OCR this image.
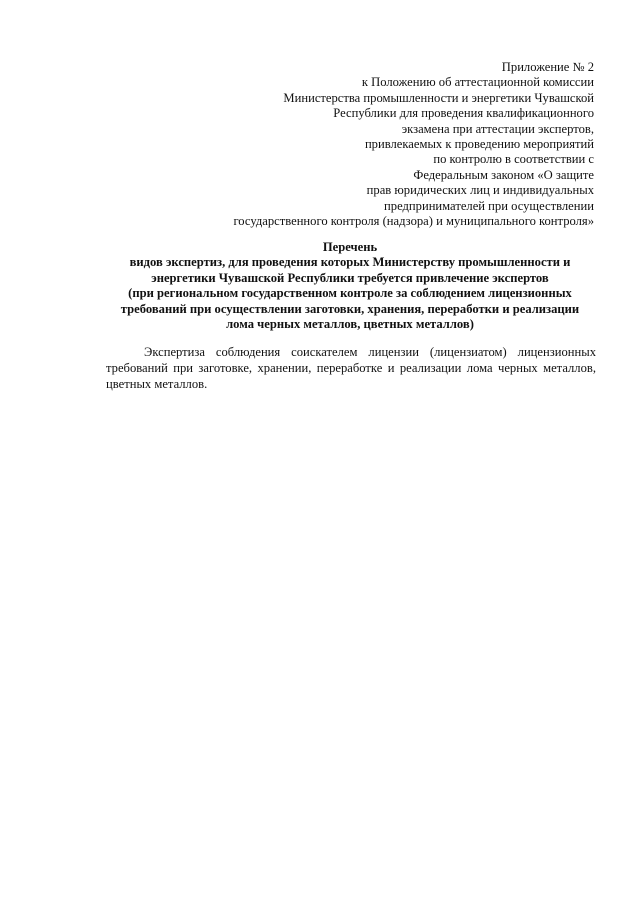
Приложение № 2
к Положению об аттестационной комиссии
Министерства промышленности и энергетики Чувашской
Республики для проведения квалификационного
экзамена при аттестации экспертов,
привлекаемых к проведению мероприятий
по контролю в соответствии с
Федеральным законом «О защите
прав юридических лиц и индивидуальных
предпринимателей при осуществлении
государственного контроля (надзора) и муниципального контроля»
Перечень
видов экспертиз, для проведения которых Министерству промышленности и
энергетики Чувашской Республики требуется привлечение экспертов
(при региональном государственном контроле за соблюдением лицензионных
требований при осуществлении заготовки, хранения, переработки и реализации
лома черных металлов, цветных металлов)

Экспертиза соблюдения соискателем лицензии (лицензиатом) лицензионных требований при заготовке, хранении, переработке и реализации лома черных металлов, цветных металлов.
